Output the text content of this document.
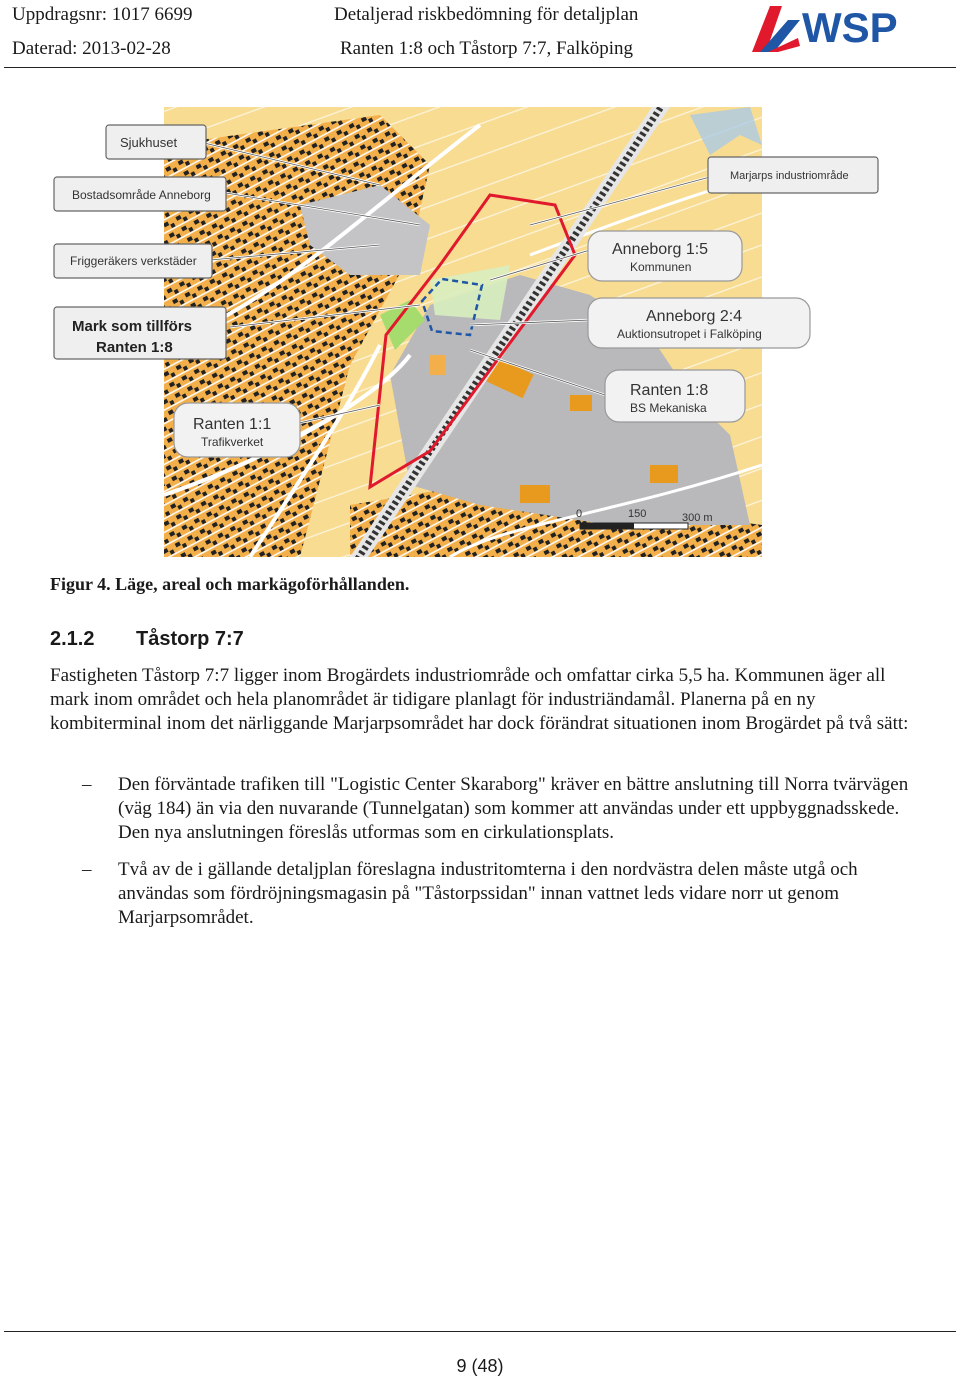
Uppdragsnr: 1017 6699
Daterad: 2013-02-28
Detaljerad riskbedömning för detaljplan
Ranten 1:8 och Tåstorp 7:7, Falköping	WSP
Sjukhuset
Bostadsområde Anneborg
Friggeräkers verkstäder
Mark som tillförs
Ranten 1:8
Ranten 1:1
Trafikverket
Anneborg 1:5
Kommunen
Anneborg 2:4
Auktionsutropet i Falköping
Ranten 1:8
BS Mekaniska
Marjarps industriområde
0	150	300 m
Figur 4. Läge, areal och markägoförhållanden.
2.1.2 Tåstorp 7:7
Fastigheten Tåstorp 7:7 ligger inom Brogärdets industriområde och omfattar cirka 5,5 ha. Kommunen äger all mark inom området och hela planområdet är tidigare planlagt för industriändamål. Planerna på en ny kombiterminal inom det närliggande Marjarpsområdet har dock förändrat situationen inom Brogärdet på två sätt:
– Den förväntade trafiken till "Logistic Center Skaraborg" kräver en bättre anslutning till Norra tvärvägen (väg 184) än via den nuvarande (Tunnelgatan) som kommer att användas under ett uppbyggnadsskede. Den nya anslutningen föreslås utformas som en cirkulationsplats.
– Två av de i gällande detaljplan föreslagna industritomterna i den nordvästra delen måste utgå och användas som fördröjningsmagasin på "Tåstorpssidan" innan vattnet leds vidare norr ut genom Marjarpsområdet.
9 (48)
